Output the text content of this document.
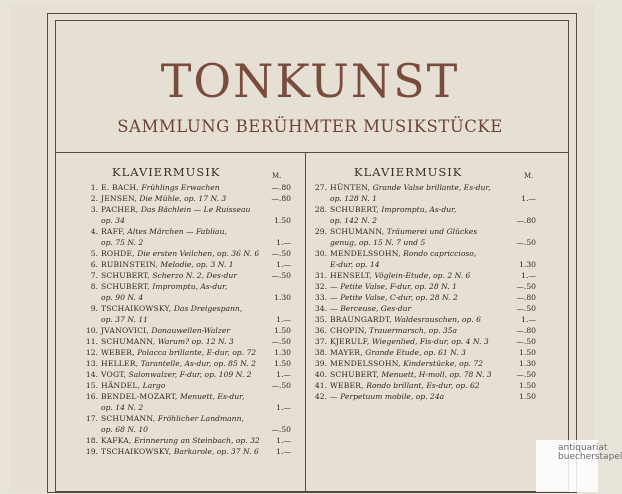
TONKUNST
SAMMLUNG BERÜHMTER MUSIKSTÜCKE
KLAVIERMUSIK	M.	KLAVIERMUSIK	M.
1. E. BACH, Frühlings Erwachen	—.80
2. JENSEN, Die Mühle, op. 17 N. 3	—.80
3. PACHER, Das Bächlein — Le Ruisseau
op. 34	1.50
4. RAFF, Altes Märchen — Fabliau,
op. 75 N. 2	1.—
5. ROHDE, Die ersten Veilchen, op. 36 N. 6 —.50
6. RUBINSTEIN, Melodie, op. 3 N. 1	1.—
7. SCHUBERT, Scherzo N. 2, Des-dur	—.50
8. SCHUBERT, Impromptu, As-dur,
op. 90 N. 4	1.30
9. TSCHAIKOWSKY, Das Dreigespann,
op. 37 N. 11	1.—
10. JVANOVICI, Donauwellen-Walzer	1.50
11. SCHUMANN, Warum? op. 12 N. 3	—.50
12. WEBER, Polacca brillante, E-dur, op. 72 1.30
13. HELLER, Tarantelle, As-dur, op. 85 N. 2 1.50
14. VOGT, Salonwalzer, F-dur, op. 109 N. 2	1.—
15. HÄNDEL, Largo	—.50
16. BENDEL-MOZART, Menuett, Es-dur,
op. 14 N. 2	1.—
17. SCHUMANN, Fröhlicher Landmann,
op. 68 N. 10	—.50
18. KAFKA, Erinnerung an Steinbach, op. 32 1.—
19. TSCHAIKOWSKY, Barkarole, op. 37 N. 6 1.—
27. HÜNTEN, Grande Valse brillante, Es-dur,
op. 128 N. 1	1.—
28. SCHUBERT, Impromptu, As-dur,
op. 142 N. 2	—.80
29. SCHUMANN, Träumerei und Glückes
genug, op. 15 N. 7 und 5	—.50
30. MENDELSSOHN, Rondo capriccioso,
E-dur, op. 14	1.30
31. HENSELT, Vöglein-Etude, op. 2 N. 6	1.—
32. — Petite Valse, F-dur, op. 28 N. 1	—.50
33. — Petite Valse, C-dur, op. 28 N. 2	—.80
34. — Berceuse, Ges-dur	—.50
35. BRAUNGARDT, Waldesrauschen, op. 6	1.—
36. CHOPIN, Trauermarsch, op. 35a	—.80
37. KJERULF, Wiegenlied, Fis-dur, op. 4 N. 3	—.50
38. MAYER, Grande Etude, op. 61 N. 3	1.50
39. MENDELSSOHN, Kinderstücke, op. 72	1.30
40. SCHUBERT, Menuett, H-moll, op. 78 N. 3	—.50
41. WEBER, Rondo brillant, Es-dur, op. 62	1.50
42. — Perpetuum mobile, op. 24a	1.50
antiquariat
buecherstapel
